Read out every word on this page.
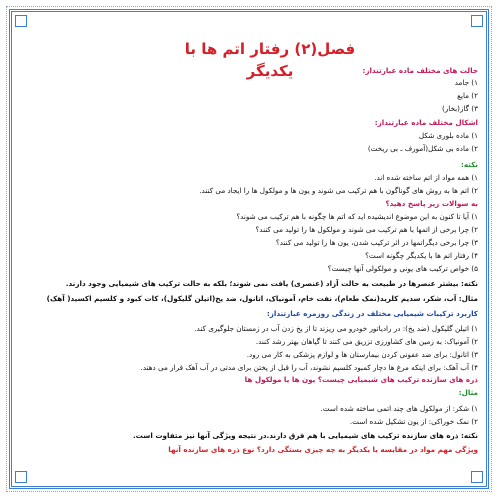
فصل(۲) رفتار اتم ها با یکدیگر	حالت های مختلف ماده عبارتنداز:
۱) جامد
۲) مایع
۳) گاز(بخار)
اشکال مختلف ماده عبارتنداز:
۱) ماده بلوری شکل
۲) ماده بی شکل(آمورف ـ بی ریخت)
نکته:
۱) همه مواد از اتم ساخته شده اند.
۲) اتم ها به روش های گوناگون با هم ترکیب می شوند و یون ها و مولکول ها را ایجاد می کنند.
به سوالات زیر پاسخ دهید؟
۱) آیا تا کنون به این موضوع اندیشیده اید که اتم ها چگونه با هم ترکیب می شوند؟
۲) چرا برخی از اتمها با هم ترکیب می شوند و مولکول ها را تولید می کنند؟
۳) چرا برخی دیگراتمها در اثر ترکیب شدن، یون ها را تولید می کنند؟
۴) رفتار اتم ها با یکدیگر چگونه است؟
۵) خواص ترکیب های یونی و مولکولی آنها چیست؟
نکته: بیشتر عنصرها در طبیعت به حالت آزاد (عنصری) یافت نمی شوند؛ بلکه به حالت ترکیب های شیمیایی وجود دارند.
مثال: آب، شکر، سدیم کلرید(نمک طعام)، نفت خام، آمونیاک، اتانول، ضد یخ(اتیلن گلیکول)، کات کبود و کلسیم اکسید( آهک)
کاربرد ترکیبات شیمیایی مختلف در زندگی روزمره عبارتنداز:
۱) اتیلن گلیکول (ضد یخ): در رادیاتور خودرو می ریزند تا از یخ زدن آب در زمستان جلوگیری کند.
۲) آمونیاک: به زمین های کشاورزی تزریق می کنند تا گیاهان بهتر رشد کنند.
۳) اتانول: برای ضد عفونی کردن بیمارستان ها و لوازم پزشکی به کار می رود.
۴) آب آهک: برای اینکه مرغ ها دچار کمبود کلسیم نشوند، آب را قبل از پختن برای مدتی در آب آهک قرار می دهند.
ذره های سازنده ترکیب های شیمیایی چیست؟ یون ها یا مولکول ها
مثال:
۱) شکر: از مولکول های چند اتمی ساخته شده است.
۲) نمک خوراکی: از یون تشکیل شده است.
نکته: ذره های سازنده ترکیب های شیمیایی با هم فرق دارند.در نتیجه ویژگی آنها نیز متفاوت است.
ویژگی مهم مواد در مقایسه با یکدیگر به چه چیزی بستگی دارد؟ نوع ذره های سازنده آنها
